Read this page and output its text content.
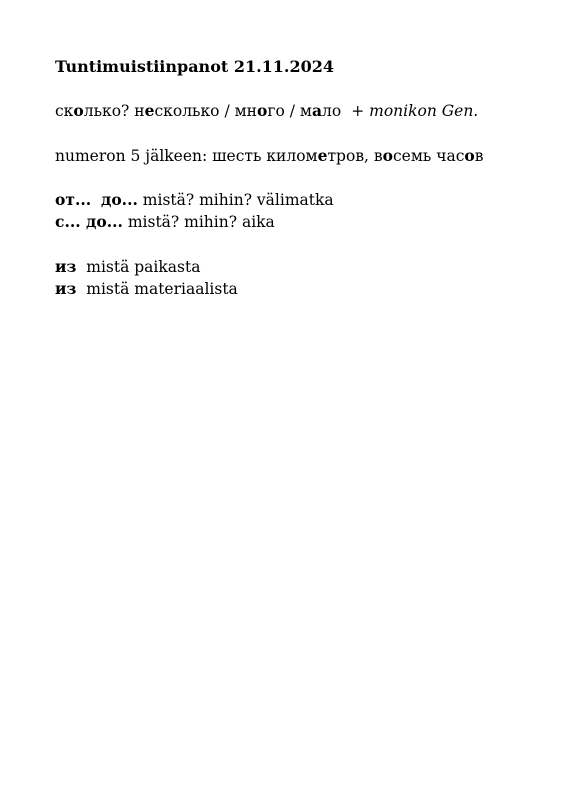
Tuntimuistiinpanot 21.11.2024
сколько? несколько / много / мало + monikon Gen.
numeron 5 jälkeen: шесть километров, восемь часов
от... до... mistä? mihin? välimatka
с... до... mistä? mihin? aika
из mistä paikasta
из mistä materiaalista
